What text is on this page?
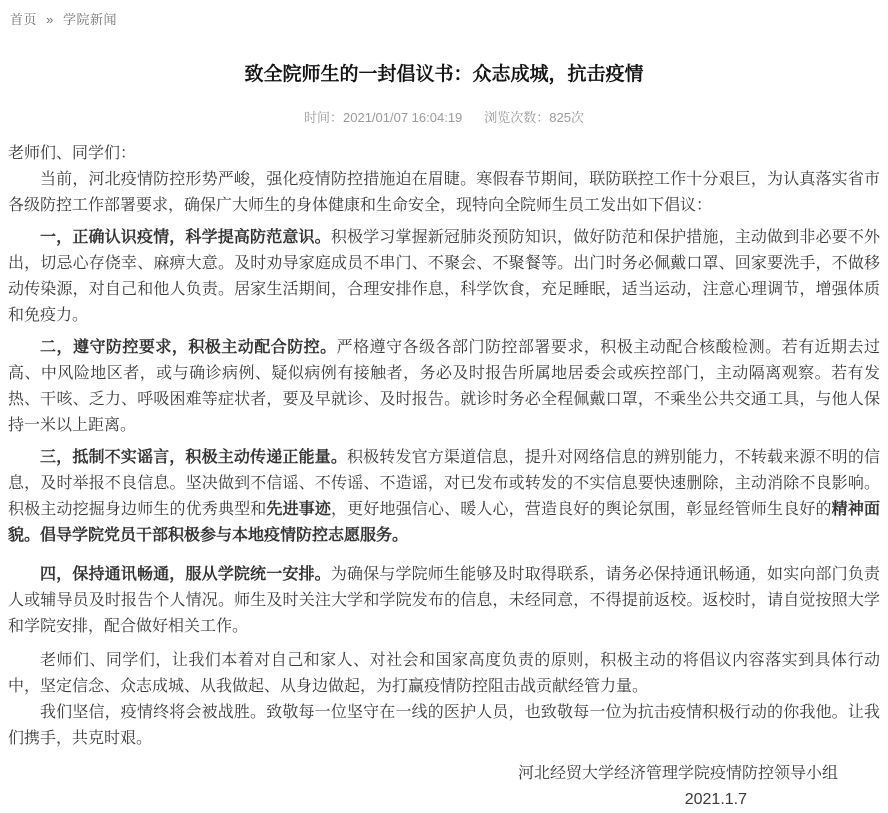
首页 » 学院新闻
致全院师生的一封倡议书：众志成城，抗击疫情
时间：2021/01/07 16:04:19 浏览次数：825次

老师们、同学们：

当前，河北疫情防控形势严峻，强化疫情防控措施迫在眉睫。寒假春节期间，联防联控工作十分艰巨，为认真落实省市各级防控工作部署要求，确保广大师生的身体健康和生命安全，现特向全院师生员工发出如下倡议：

一，正确认识疫情，科学提高防范意识。积极学习掌握新冠肺炎预防知识，做好防范和保护措施，主动做到非必要不外出，切忌心存侥幸、麻痹大意。及时劝导家庭成员不串门、不聚会、不聚餐等。出门时务必佩戴口罩、回家要洗手，不做移动传染源，对自己和他人负责。居家生活期间，合理安排作息，科学饮食，充足睡眠，适当运动，注意心理调节，增强体质和免疫力。

二，遵守防控要求，积极主动配合防控。严格遵守各级各部门防控部署要求，积极主动配合核酸检测。若有近期去过高、中风险地区者，或与确诊病例、疑似病例有接触者，务必及时报告所属地居委会或疾控部门，主动隔离观察。若有发热、干咳、乏力、呼吸困难等症状者，要及早就诊、及时报告。就诊时务必全程佩戴口罩，不乘坐公共交通工具，与他人保持一米以上距离。

三，抵制不实谣言，积极主动传递正能量。积极转发官方渠道信息，提升对网络信息的辨别能力，不转载来源不明的信息，及时举报不良信息。坚决做到不信谣、不传谣、不造谣，对已发布或转发的不实信息要快速删除，主动消除不良影响。积极主动挖掘身边师生的优秀典型和先进事迹，更好地强信心、暖人心，营造良好的舆论氛围，彰显经管师生良好的精神面貌。倡导学院党员干部积极参与本地疫情防控志愿服务。

四，保持通讯畅通，服从学院统一安排。为确保与学院师生能够及时取得联系，请务必保持通讯畅通，如实向部门负责人或辅导员及时报告个人情况。师生及时关注大学和学院发布的信息，未经同意，不得提前返校。返校时，请自觉按照大学和学院安排，配合做好相关工作。

老师们、同学们，让我们本着对自己和家人、对社会和国家高度负责的原则，积极主动的将倡议内容落实到具体行动中，坚定信念、众志成城、从我做起、从身边做起，为打赢疫情防控阻击战贡献经管力量。

我们坚信，疫情终将会被战胜。致敬每一位坚守在一线的医护人员，也致敬每一位为抗击疫情积极行动的你我他。让我们携手，共克时艰。

河北经贸大学经济管理学院疫情防控领导小组
2021.1.7
